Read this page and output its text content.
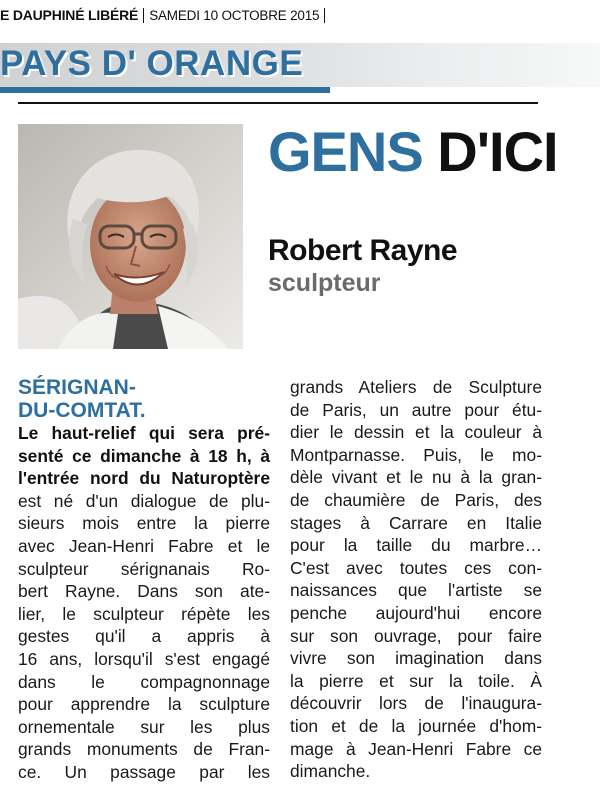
E DAUPHINÉ LIBÉRÉ SAMEDI 10 OCTOBRE 2015
PAYS D' ORANGE
GENS D'ICI
Robert Rayne
sculpteur
SÉRIGNAN-
DU-COMTAT.
Le haut-relief qui sera pré-
senté ce dimanche à 18 h, à
l'entrée nord du Naturoptère
est né d'un dialogue de plu-
sieurs mois entre la pierre
avec Jean-Henri Fabre et le
sculpteur sérignanais Ro-
bert Rayne. Dans son ate-
lier, le sculpteur répète les
gestes qu'il a appris à
16 ans, lorsqu'il s'est engagé
dans le compagnonnage
pour apprendre la sculpture
ornementale sur les plus
grands monuments de Fran-
ce. Un passage par les
grands Ateliers de Sculpture
de Paris, un autre pour étu-
dier le dessin et la couleur à
Montparnasse. Puis, le mo-
dèle vivant et le nu à la gran-
de chaumière de Paris, des
stages à Carrare en Italie
pour la taille du marbre…
C'est avec toutes ces con-
naissances que l'artiste se
penche aujourd'hui encore
sur son ouvrage, pour faire
vivre son imagination dans
la pierre et sur la toile. À
découvrir lors de l'inaugura-
tion et de la journée d'hom-
mage à Jean-Henri Fabre ce
dimanche.
